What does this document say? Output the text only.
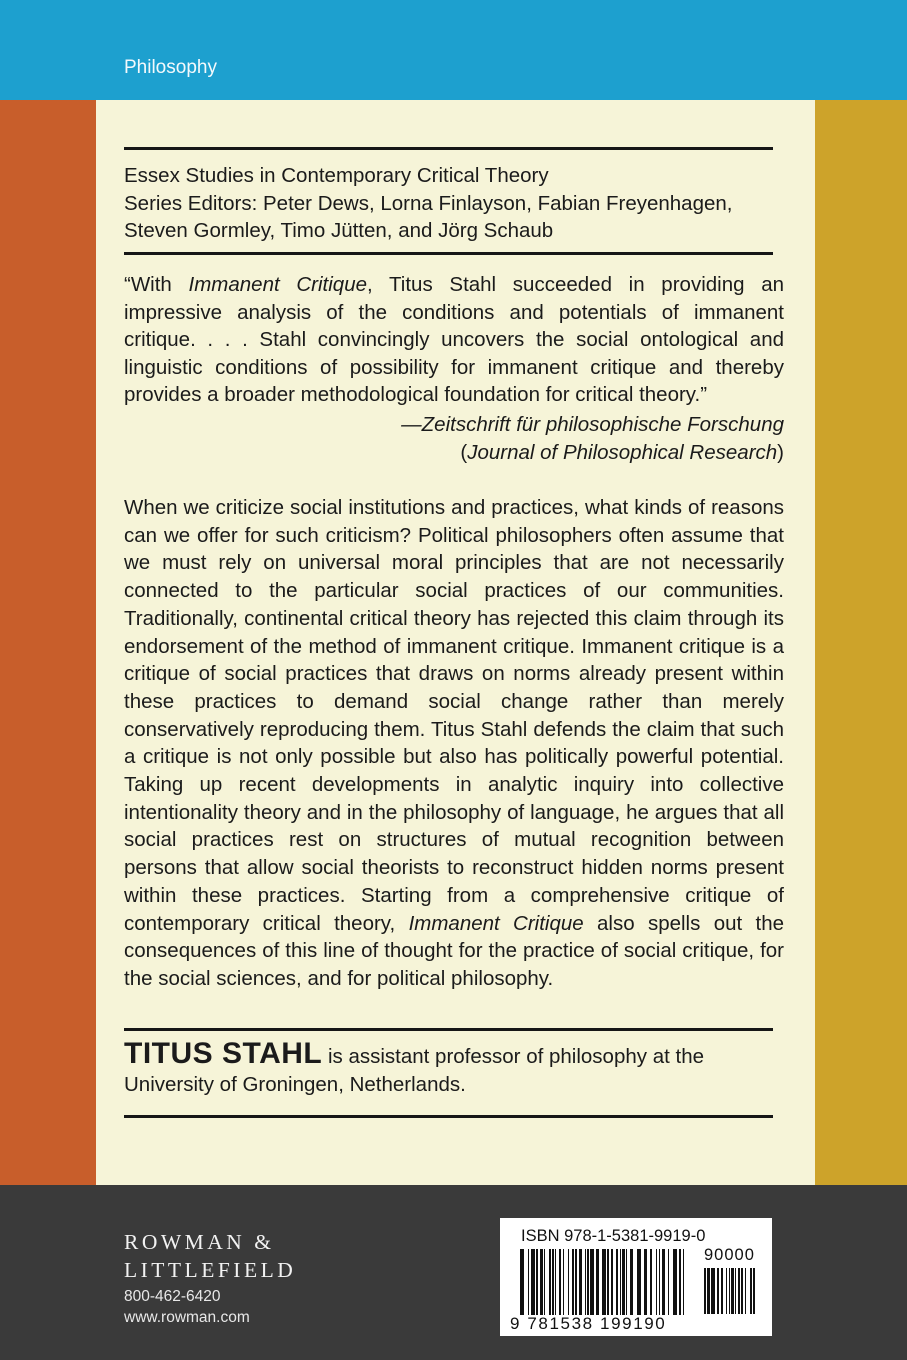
Philosophy
Essex Studies in Contemporary Critical Theory
Series Editors: Peter Dews, Lorna Finlayson, Fabian Freyenhagen,
Steven Gormley, Timo Jütten, and Jörg Schaub
“With Immanent Critique, Titus Stahl succeeded in providing an impressive analysis of the conditions and potentials of immanent critique. . . . Stahl convincingly uncovers the social ontological and linguistic conditions of possibility for immanent critique and thereby provides a broader methodological foundation for critical theory.”
—Zeitschrift für philosophische Forschung
(Journal of Philosophical Research)
When we criticize social institutions and practices, what kinds of reasons can we offer for such criticism? Political philosophers often assume that we must rely on universal moral principles that are not necessarily connected to the particular social practices of our communities. Traditionally, continental critical theory has rejected this claim through its endorsement of the method of immanent critique. Immanent critique is a critique of social practices that draws on norms already present within these practices to demand social change rather than merely conservatively reproducing them. Titus Stahl defends the claim that such a critique is not only possible but also has politically powerful potential. Taking up recent developments in analytic inquiry into collective intentionality theory and in the philosophy of language, he argues that all social practices rest on structures of mutual recognition between persons that allow social theorists to reconstruct hidden norms present within these practices. Starting from a comprehensive critique of contemporary critical theory, Immanent Critique also spells out the consequences of this line of thought for the practice of social critique, for the social sciences, and for political philosophy.
TITUS STAHL is assistant professor of philosophy at the University of Groningen, Netherlands.
ROWMAN &
LITTLEFIELD
800-462-6420
www.rowman.com
ISBN 978-1-5381-9919-0
90000
9 781538 199190
